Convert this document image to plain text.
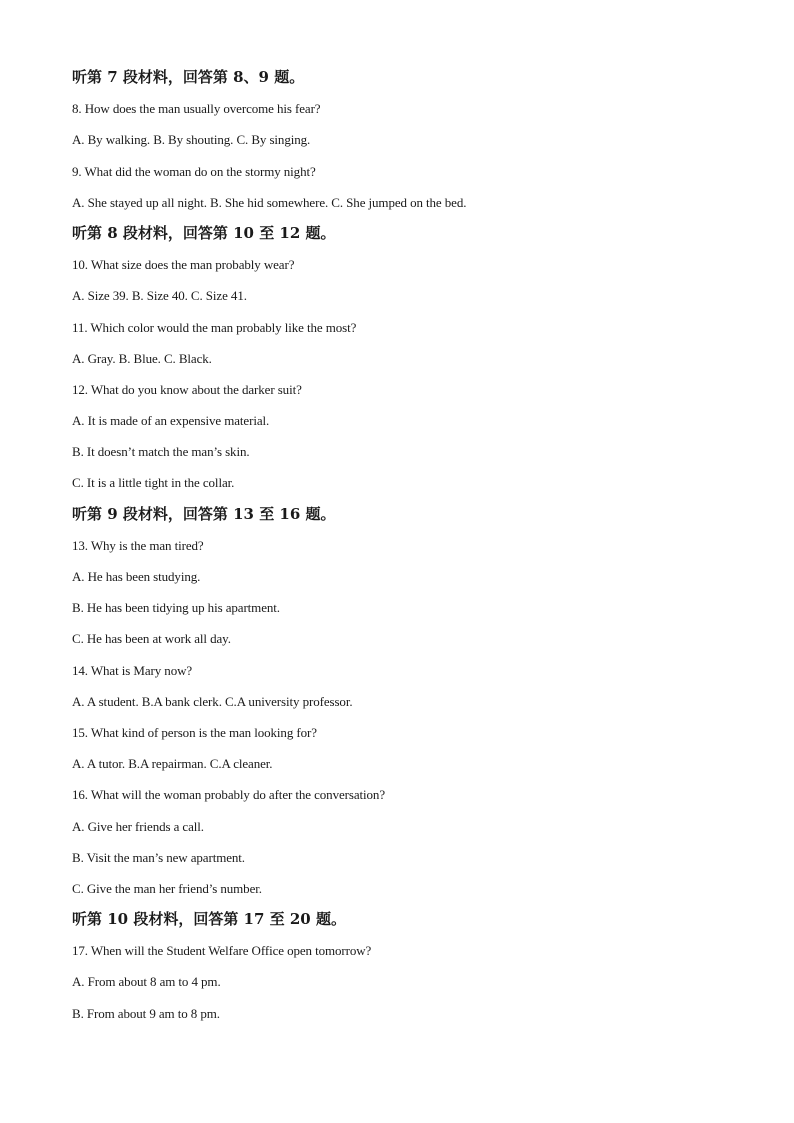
听第 7 段材料，回答第 8、9 题。
8. How does the man usually overcome his fear?
A. By walking. B. By shouting. C. By singing.
9. What did the woman do on the stormy night?
A. She stayed up all night. B. She hid somewhere. C. She jumped on the bed.
听第 8 段材料，回答第 10 至 12 题。
10. What size does the man probably wear?
A. Size 39. B. Size 40. C. Size 41.
11. Which color would the man probably like the most?
A. Gray. B. Blue. C. Black.
12. What do you know about the darker suit?
A. It is made of an expensive material.
B. It doesn’t match the man’s skin.
C. It is a little tight in the collar.
听第 9 段材料，回答第 13 至 16 题。
13. Why is the man tired?
A. He has been studying.
B. He has been tidying up his apartment.
C. He has been at work all day.
14. What is Mary now?
A. A student. B.A bank clerk. C.A university professor.
15. What kind of person is the man looking for?
A. A tutor. B.A repairman. C.A cleaner.
16. What will the woman probably do after the conversation?
A. Give her friends a call.
B. Visit the man’s new apartment.
C. Give the man her friend’s number.
听第 10 段材料，回答第 17 至 20 题。
17. When will the Student Welfare Office open tomorrow?
A. From about 8 am to 4 pm.
B. From about 9 am to 8 pm.
